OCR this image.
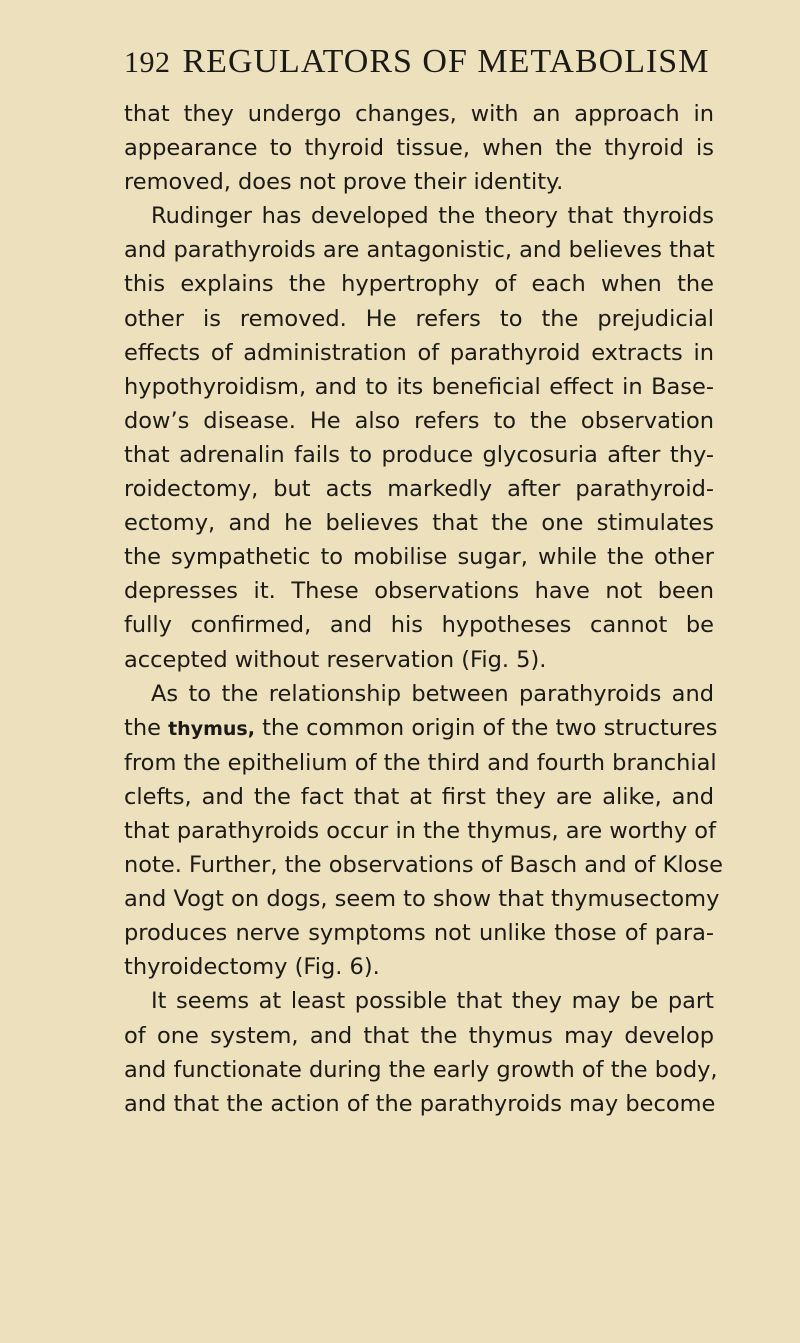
192 REGULATORS OF METABOLISM
that they undergo changes, with an approach in
appearance to thyroid tissue, when the thyroid is
removed, does not prove their identity.
Rudinger has developed the theory that thyroids
and parathyroids are antagonistic, and believes that
this explains the hypertrophy of each when the
other is removed. He refers to the prejudicial
effects of administration of parathyroid extracts in
hypothyroidism, and to its beneficial effect in Base-
dow’s disease. He also refers to the observation
that adrenalin fails to produce glycosuria after thy-
roidectomy, but acts markedly after parathyroid-
ectomy, and he believes that the one stimulates
the sympathetic to mobilise sugar, while the other
depresses it. These observations have not been
fully confirmed, and his hypotheses cannot be
accepted without reservation (Fig. 5).
As to the relationship between parathyroids and
the thymus, the common origin of the two structures
from the epithelium of the third and fourth branchial
clefts, and the fact that at first they are alike, and
that parathyroids occur in the thymus, are worthy of
note. Further, the observations of Basch and of Klose
and Vogt on dogs, seem to show that thymusectomy
produces nerve symptoms not unlike those of para-
thyroidectomy (Fig. 6).
It seems at least possible that they may be part
of one system, and that the thymus may develop
and functionate during the early growth of the body,
and that the action of the parathyroids may become
